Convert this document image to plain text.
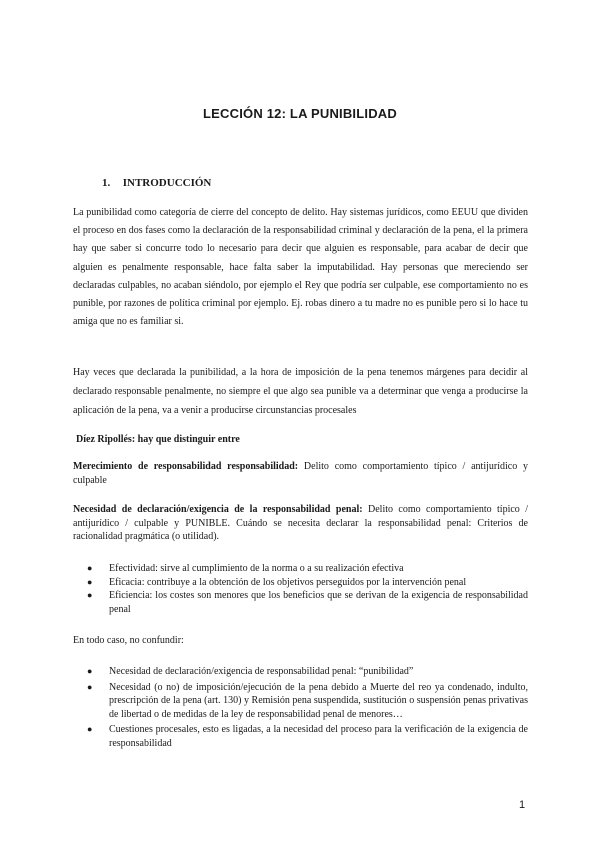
LECCIÓN 12: LA PUNIBILIDAD
1. INTRODUCCIÓN

La punibilidad como categoría de cierre del concepto de delito. Hay sistemas jurídicos, como EEUU que dividen el proceso en dos fases como la declaración de la responsabilidad criminal y declaración de la pena, el la primera hay que saber si concurre todo lo necesario para decir que alguien es responsable, para acabar de decir que alguien es penalmente responsable, hace falta saber la imputabilidad. Hay personas que mereciendo ser declaradas culpables, no acaban siéndolo, por ejemplo el Rey que podría ser culpable, ese comportamiento no es punible, por razones de política criminal por ejemplo. Ej. robas dinero a tu madre no es punible pero si lo hace tu amiga que no es familiar si.

Hay veces que declarada la punibilidad, a la hora de imposición de la pena tenemos márgenes para decidir al declarado responsable penalmente, no siempre el que algo sea punible va a determinar que venga a producirse la aplicación de la pena, va a venir a producirse circunstancias procesales

Díez Ripollés: hay que distinguir entre

Merecimiento de responsabilidad responsabilidad: Delito como comportamiento típico / antijurídico y culpable

Necesidad de declaración/exigencia de la responsabilidad penal: Delito como comportamiento típico / antijurídico / culpable y PUNIBLE. Cuándo se necesita declarar la responsabilidad penal: Criterios de racionalidad pragmática (o utilidad).

● Efectividad: sirve al cumplimiento de la norma o a su realización efectiva
● Eficacia: contribuye a la obtención de los objetivos perseguidos por la intervención penal
● Eficiencia: los costes son menores que los beneficios que se derivan de la exigencia de responsabilidad penal

En todo caso, no confundir:

● Necesidad de declaración/exigencia de responsabilidad penal: “punibilidad”
● Necesidad (o no) de imposición/ejecución de la pena debido a Muerte del reo ya condenado, indulto, prescripción de la pena (art. 130) y Remisión pena suspendida, sustitución o suspensión penas privativas de libertad o de medidas de la ley de responsabilidad penal de menores…
● Cuestiones procesales, esto es ligadas, a la necesidad del proceso para la verificación de la exigencia de responsabilidad
1
